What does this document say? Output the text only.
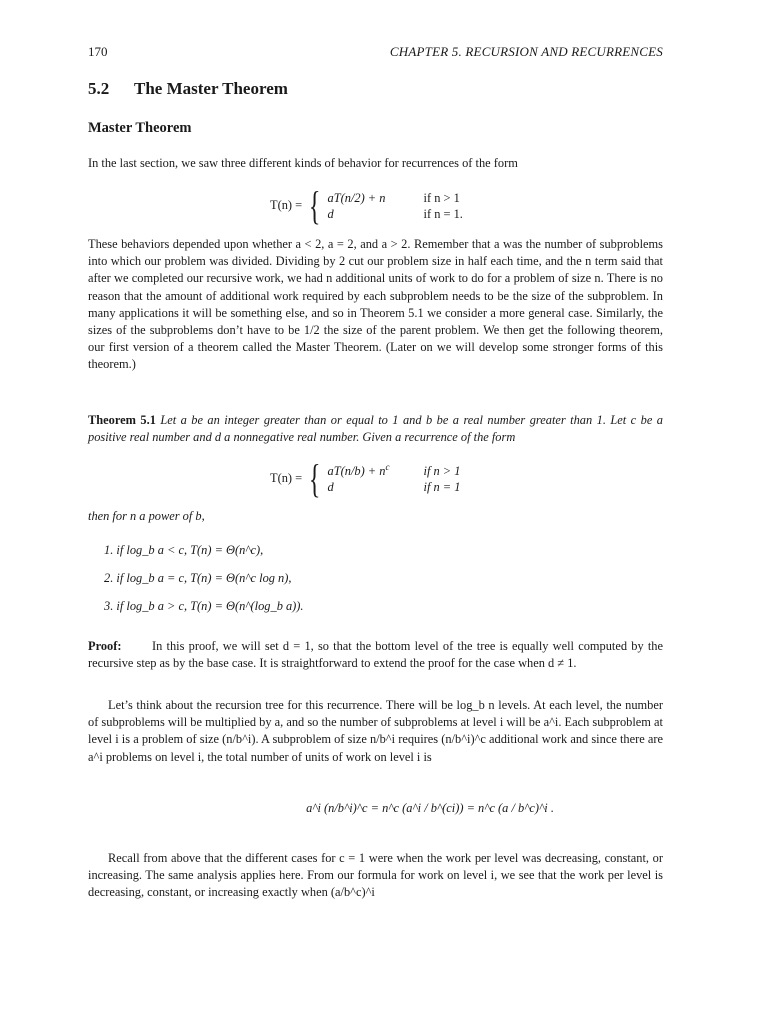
170	CHAPTER 5. RECURSION AND RECURRENCES
5.2 The Master Theorem
Master Theorem
In the last section, we saw three different kinds of behavior for recurrences of the form
T(n) = { aT(n/2) + n	if n > 1
d	if n = 1.
These behaviors depended upon whether a < 2, a = 2, and a > 2. Remember that a was the number of subproblems into which our problem was divided. Dividing by 2 cut our problem size in half each time, and the n term said that after we completed our recursive work, we had n additional units of work to do for a problem of size n. There is no reason that the amount of additional work required by each subproblem needs to be the size of the subproblem. In many applications it will be something else, and so in Theorem 5.1 we consider a more general case. Similarly, the sizes of the subproblems don’t have to be 1/2 the size of the parent problem. We then get the following theorem, our first version of a theorem called the Master Theorem. (Later on we will develop some stronger forms of this theorem.)
Theorem 5.1 Let a be an integer greater than or equal to 1 and b be a real number greater than 1. Let c be a positive real number and d a nonnegative real number. Given a recurrence of the form
T(n) = { $aT(n/b) + n^c$	if n > 1
d	if n = 1
then for n a power of b,
1. if log_b a < c, T(n) = Θ(n^c),
2. if log_b a = c, T(n) = Θ(n^c log n),
3. if log_b a > c, T(n) = Θ(n^(log_b a)).
Proof: In this proof, we will set d = 1, so that the bottom level of the tree is equally well computed by the recursive step as by the base case. It is straightforward to extend the proof for the case when d ≠ 1.
Let’s think about the recursion tree for this recurrence. There will be log_b n levels. At each level, the number of subproblems will be multiplied by a, and so the number of subproblems at level i will be a^i. Each subproblem at level i is a problem of size (n/b^i). A subproblem of size n/b^i requires (n/b^i)^c additional work and since there are a^i problems on level i, the total number of units of work on level i is
a^i (n/b^i)^c = n^c (a^i / b^(ci)) = n^c (a / b^c)^i .
Recall from above that the different cases for c = 1 were when the work per level was decreasing, constant, or increasing. The same analysis applies here. From our formula for work on level i, we see that the work per level is decreasing, constant, or increasing exactly when (a/b^c)^i
